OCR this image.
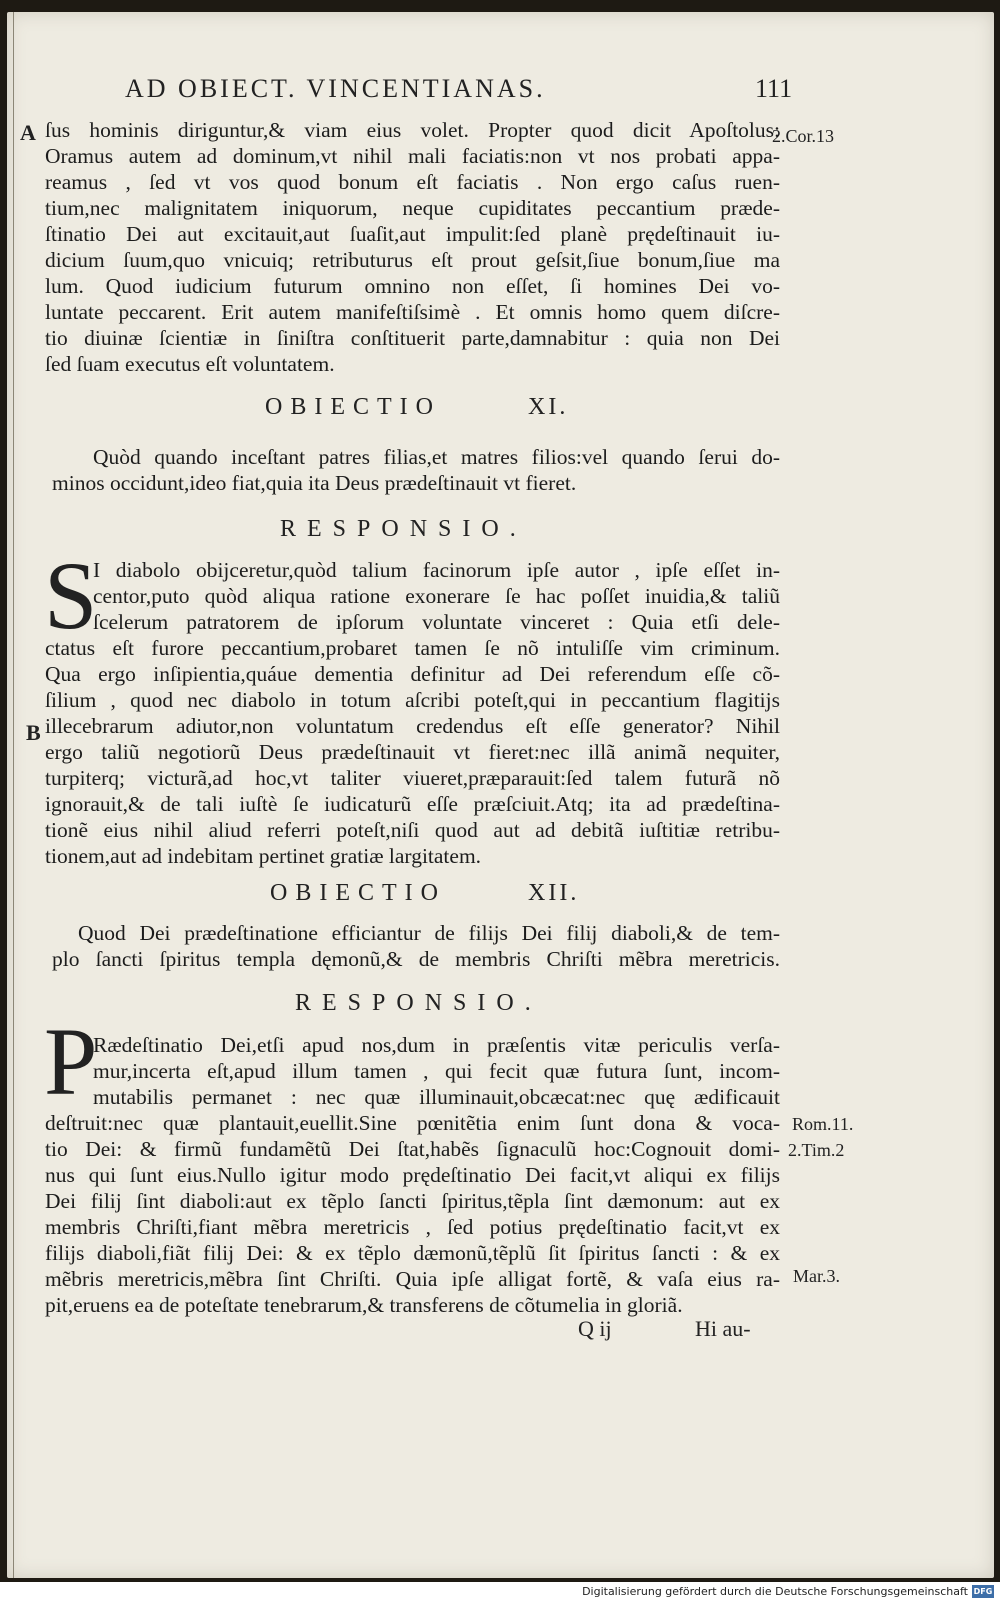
AD OBIECT. VINCENTIANAS.	111
A
B
2.Cor.13
Rom.11.
2.Tim.2
Mar.3.
ſus hominis diriguntur,& viam eius volet. Propter quod dicit Apoſtolus:
Oramus autem ad dominum,vt nihil mali faciatis:non vt nos probati appa-
reamus , ſed vt vos quod bonum eſt faciatis . Non ergo caſus ruen-
tium,nec malignitatem iniquorum, neque cupiditates peccantium præde-
ſtinatio Dei aut excitauit,aut ſuaſit,aut impulit:ſed planè prędeſtinauit iu-
dicium ſuum,quo vnicuiq; retributurus eſt prout geſsit,ſiue bonum,ſiue ma
lum. Quod iudicium futurum omnino non eſſet, ſi homines Dei vo-
luntate peccarent. Erit autem manifeſtiſsimè . Et omnis homo quem diſcre-
tio diuinæ ſcientiæ in ſiniſtra conſtituerit parte,damnabitur : quia non Dei
ſed ſuam executus eſt voluntatem.
OBIECTIO	XI.
Quòd quando inceſtant patres filias,et matres filios:vel quando ſerui do-
minos occidunt,ideo fiat,quia ita Deus prædeſtinauit vt fieret.
RESPONSIO.
S
I diabolo obijceretur,quòd talium facinorum ipſe autor , ipſe eſſet in-
centor,puto quòd aliqua ratione exonerare ſe hac poſſet inuidia,& taliũ
ſcelerum patratorem de ipſorum voluntate vinceret : Quia etſi dele-
ctatus eſt furore peccantium,probaret tamen ſe nõ intuliſſe vim criminum.
Qua ergo inſipientia,quáue dementia definitur ad Dei referendum eſſe cõ-
ſilium , quod nec diabolo in totum aſcribi poteſt,qui in peccantium flagitijs
illecebrarum adiutor,non voluntatum credendus eſt eſſe generator? Nihil
ergo taliũ negotiorũ Deus prædeſtinauit vt fieret:nec illã animã nequiter,
turpiterq; victurã,ad hoc,vt taliter viueret,præparauit:ſed talem futurã nõ
ignorauit,& de tali iuſtè ſe iudicaturũ eſſe præſciuit.Atq; ita ad prædeſtina-
tionẽ eius nihil aliud referri poteſt,niſi quod aut ad debitã iuſtitiæ retribu-
tionem,aut ad indebitam pertinet gratiæ largitatem.
OBIECTIO	XII.
Quod Dei prædeſtinatione efficiantur de filijs Dei filij diaboli,& de tem-
plo ſancti ſpiritus templa dęmonũ,& de membris Chriſti mẽbra meretricis.
RESPONSIO.
P
Rædeſtinatio Dei,etſi apud nos,dum in præſentis vitæ periculis verſa-
mur,incerta eſt,apud illum tamen , qui fecit quæ futura ſunt, incom-
mutabilis permanet : nec quæ illuminauit,obcæcat:nec quę ædificauit
deſtruit:nec quæ plantauit,euellit.Sine pœnitẽtia enim ſunt dona & voca-
tio Dei: & firmũ fundamẽtũ Dei ſtat,habẽs ſignaculũ hoc:Cognouit domi-
nus qui ſunt eius.Nullo igitur modo prędeſtinatio Dei facit,vt aliqui ex filijs
Dei filij ſint diaboli:aut ex tẽplo ſancti ſpiritus,tẽpla ſint dæmonum: aut ex
membris Chriſti,fiant mẽbra meretricis , ſed potius prędeſtinatio facit,vt ex
filijs diaboli,fiãt filij Dei: & ex tẽplo dæmonũ,tẽplũ ſit ſpiritus ſancti : & ex
mẽbris meretricis,mẽbra ſint Chriſti. Quia ipſe alligat fortẽ, & vaſa eius ra-
pit,eruens ea de poteſtate tenebrarum,& transferens de cõtumelia in gloriã.
Q ij	Hi au-
Digitalisierung gefördert durch die Deutsche Forschungsgemeinschaft DFG
